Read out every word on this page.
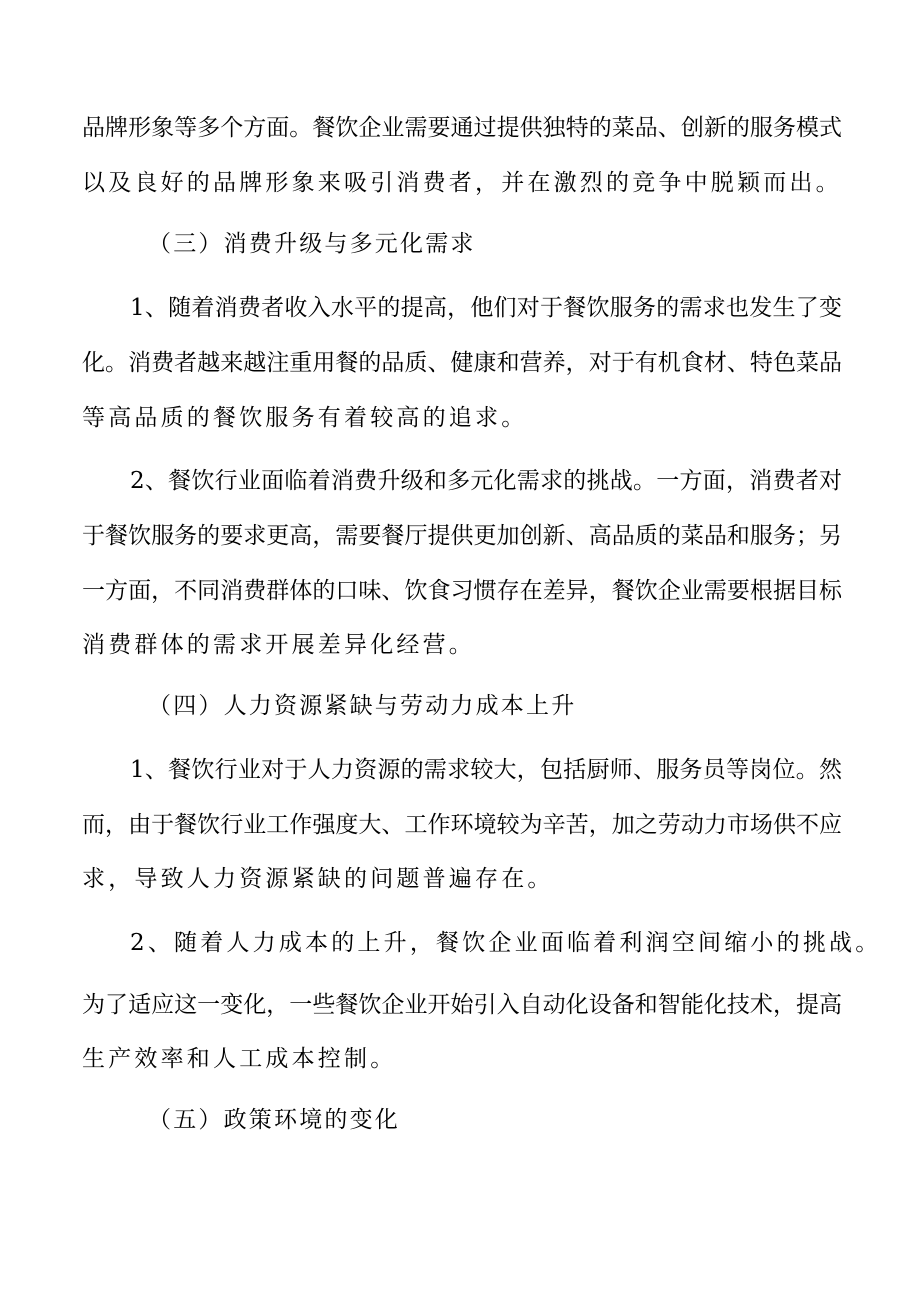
品牌形象等多个方面。餐饮企业需要通过提供独特的菜品、创新的服务模式
以及良好的品牌形象来吸引消费者，并在激烈的竞争中脱颖而出。
（三）消费升级与多元化需求
1、随着消费者收入水平的提高，他们对于餐饮服务的需求也发生了变
化。消费者越来越注重用餐的品质、健康和营养，对于有机食材、特色菜品
等高品质的餐饮服务有着较高的追求。
2、餐饮行业面临着消费升级和多元化需求的挑战。一方面，消费者对
于餐饮服务的要求更高，需要餐厅提供更加创新、高品质的菜品和服务；另
一方面，不同消费群体的口味、饮食习惯存在差异，餐饮企业需要根据目标
消费群体的需求开展差异化经营。
（四）人力资源紧缺与劳动力成本上升
1、餐饮行业对于人力资源的需求较大，包括厨师、服务员等岗位。然
而，由于餐饮行业工作强度大、工作环境较为辛苦，加之劳动力市场供不应
求，导致人力资源紧缺的问题普遍存在。
2、随着人力成本的上升，餐饮企业面临着利润空间缩小的挑战。
为了适应这一变化，一些餐饮企业开始引入自动化设备和智能化技术，提高
生产效率和人工成本控制。
（五）政策环境的变化
